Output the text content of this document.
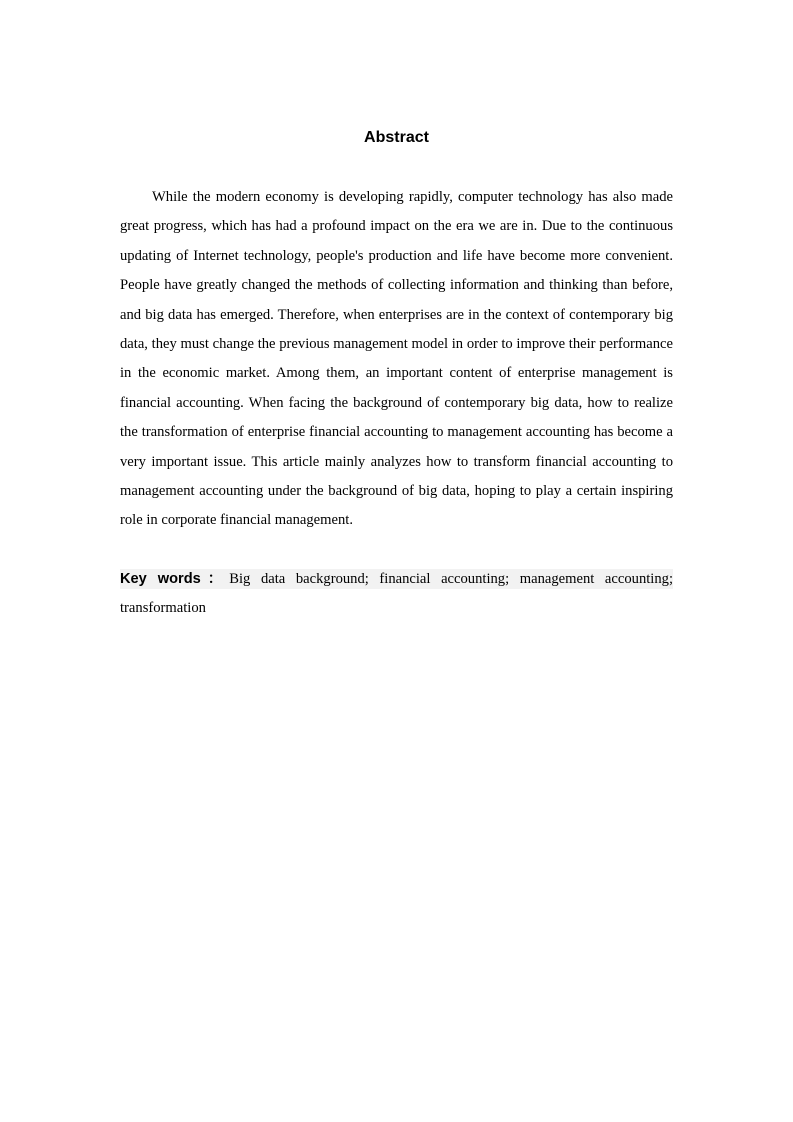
Abstract

While the modern economy is developing rapidly, computer technology has also made great progress, which has had a profound impact on the era we are in. Due to the continuous updating of Internet technology, people's production and life have become more convenient. People have greatly changed the methods of collecting information and thinking than before, and big data has emerged. Therefore, when enterprises are in the context of contemporary big data, they must change the previous management model in order to improve their performance in the economic market. Among them, an important content of enterprise management is financial accounting. When facing the background of contemporary big data, how to realize the transformation of enterprise financial accounting to management accounting has become a very important issue. This article mainly analyzes how to transform financial accounting to management accounting under the background of big data, hoping to play a certain inspiring role in corporate financial management.

Key words：Big data background; financial accounting; management accounting; transformation
